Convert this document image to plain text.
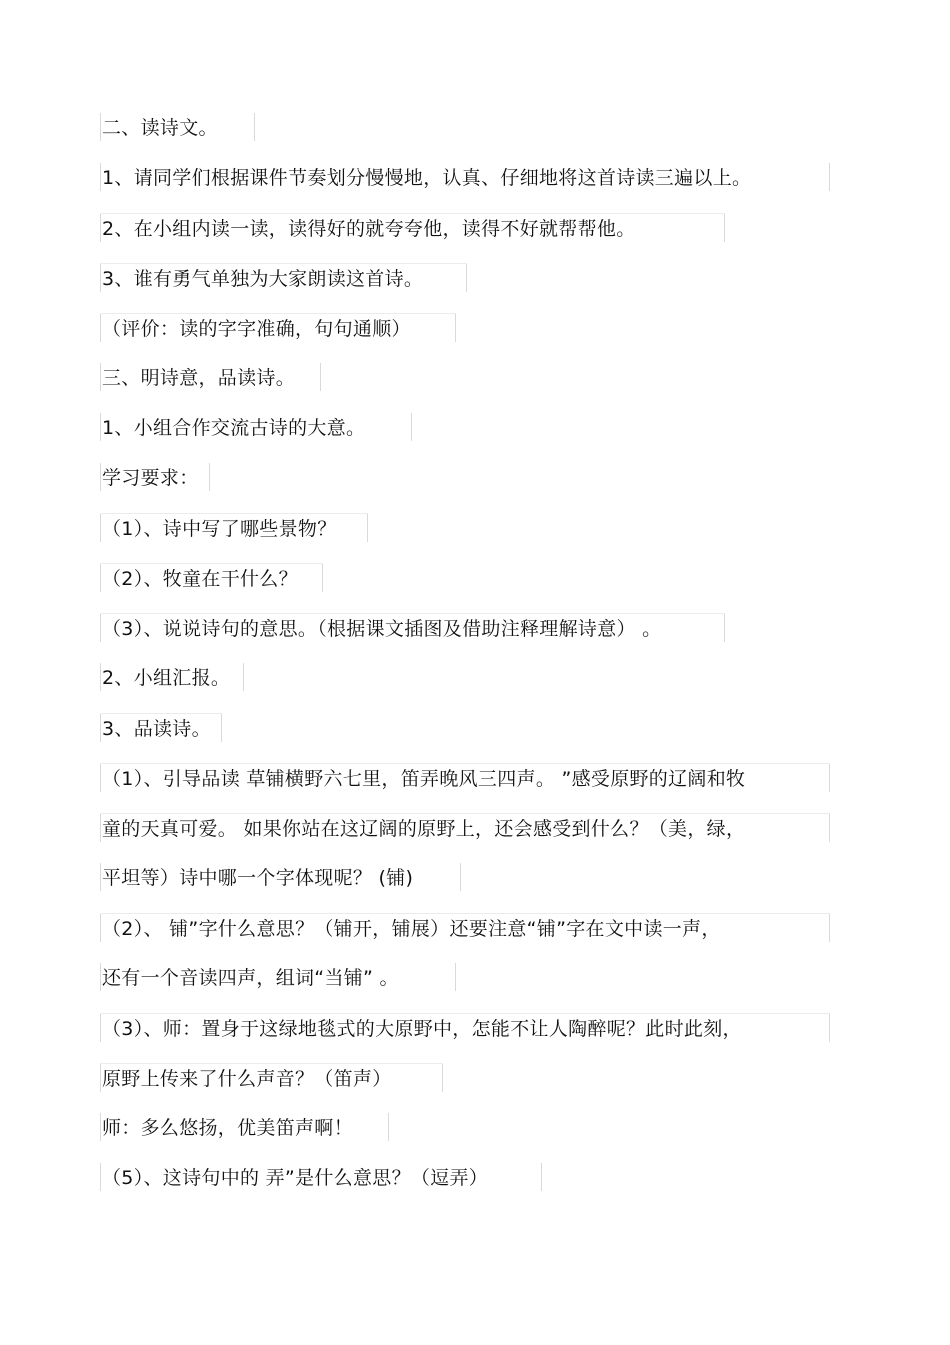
二、读诗文。
1、请同学们根据课件节奏划分慢慢地，认真、仔细地将这首诗读三遍以上。
2、在小组内读一读，读得好的就夸夸他，读得不好就帮帮他。
3、谁有勇气单独为大家朗读这首诗。
（评价：读的字字准确，句句通顺）
三、明诗意，品读诗。
1、小组合作交流古诗的大意。
学习要求：
（1）、诗中写了哪些景物？
（2）、牧童在干什么？
（3）、说说诗句的意思。（根据课文插图及借助注释理解诗意） 。
2、小组汇报。
3、品读诗。
（1）、引导品读 草铺横野六七里，笛弄晚风三四声。 ”感受原野的辽阔和牧
童的天真可爱。 如果你站在这辽阔的原野上，还会感受到什么？（美，绿，
平坦等）诗中哪一个字体现呢？ (铺)
（2）、 铺”字什么意思？（铺开，铺展）还要注意“铺”字在文中读一声，
还有一个音读四声，组词“当铺” 。
（3）、师：置身于这绿地毯式的大原野中，怎能不让人陶醉呢？此时此刻，
原野上传来了什么声音？（笛声）
师：多么悠扬，优美笛声啊！
（5）、这诗句中的 弄”是什么意思？（逗弄）
